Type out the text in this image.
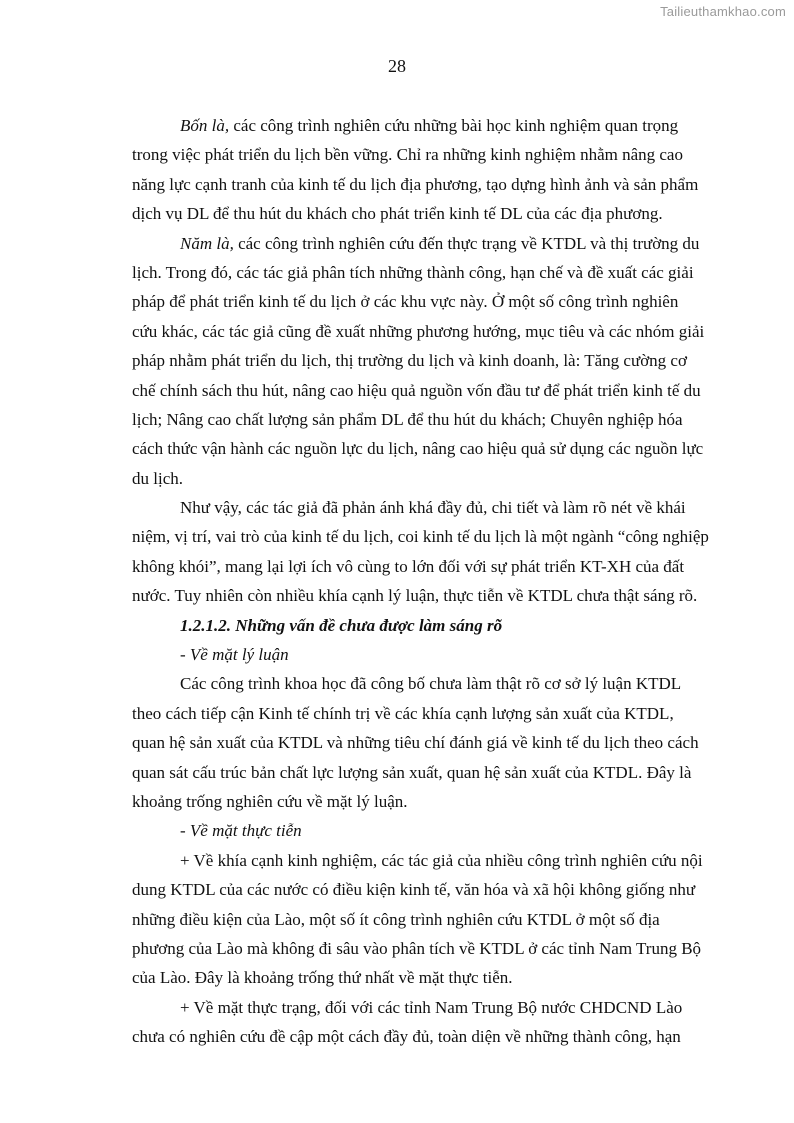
Tailieuthamkhao.com
28
Bốn là, các công trình nghiên cứu những bài học kinh nghiệm quan trọng
trong việc phát triển du lịch bền vững. Chỉ ra những kinh nghiệm nhằm nâng cao
năng lực cạnh tranh của kinh tế du lịch địa phương, tạo dựng hình ảnh và sản phẩm
dịch vụ DL để thu hút du khách cho phát triển kinh tế DL của các địa phương.
Năm là, các công trình nghiên cứu đến thực trạng về KTDL và thị trường du
lịch. Trong đó, các tác giả phân tích những thành công, hạn chế và đề xuất các giải
pháp để phát triển kinh tế du lịch ở các khu vực này. Ở một số công trình nghiên
cứu khác, các tác giả cũng đề xuất những phương hướng, mục tiêu và các nhóm giải
pháp nhằm phát triển du lịch, thị trường du lịch và kinh doanh, là: Tăng cường cơ
chế chính sách thu hút, nâng cao hiệu quả nguồn vốn đầu tư để phát triển kinh tế du
lịch; Nâng cao chất lượng sản phẩm DL để thu hút du khách; Chuyên nghiệp hóa
cách thức vận hành các nguồn lực du lịch, nâng cao hiệu quả sử dụng các nguồn lực
du lịch.
Như vậy, các tác giả đã phản ánh khá đầy đủ, chi tiết và làm rõ nét về khái
niệm, vị trí, vai trò của kinh tế du lịch, coi kinh tế du lịch là một ngành “công nghiệp
không khói”, mang lại lợi ích vô cùng to lớn đối với sự phát triển KT-XH của đất
nước. Tuy nhiên còn nhiều khía cạnh lý luận, thực tiễn về KTDL chưa thật sáng rõ.
1.2.1.2. Những vấn đề chưa được làm sáng rõ
- Về mặt lý luận
Các công trình khoa học đã công bố chưa làm thật rõ cơ sở lý luận KTDL
theo cách tiếp cận Kinh tế chính trị về các khía cạnh lượng sản xuất của KTDL,
quan hệ sản xuất của KTDL và những tiêu chí đánh giá về kinh tế du lịch theo cách
quan sát cấu trúc bản chất lực lượng sản xuất, quan hệ sản xuất của KTDL. Đây là
khoảng trống nghiên cứu về mặt lý luận.
- Về mặt thực tiễn
+ Về khía cạnh kinh nghiệm, các tác giả của nhiều công trình nghiên cứu nội
dung KTDL của các nước có điều kiện kinh tế, văn hóa và xã hội không giống như
những điều kiện của Lào, một số ít công trình nghiên cứu KTDL ở một số địa
phương của Lào mà không đi sâu vào phân tích về KTDL ở các tỉnh Nam Trung Bộ
của Lào. Đây là khoảng trống thứ nhất về mặt thực tiễn.
+ Về mặt thực trạng, đối với các tỉnh Nam Trung Bộ nước CHDCND Lào
chưa có nghiên cứu đề cập một cách đầy đủ, toàn diện về những thành công, hạn
